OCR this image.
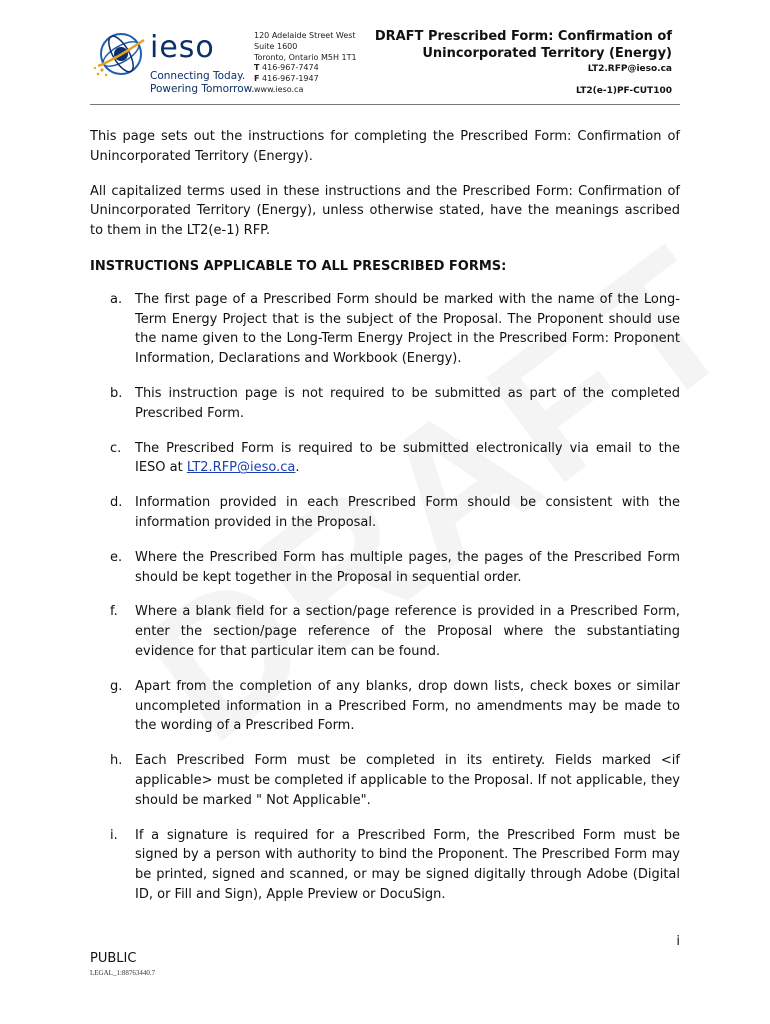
ieso
Connecting Today.
Powering Tomorrow.
120 Adelaide Street West
Suite 1600
Toronto, Ontario M5H 1T1
T 416-967-7474
F 416-967-1947
www.ieso.ca
DRAFT Prescribed Form: Confirmation of
Unincorporated Territory (Energy)
LT2.RFP@ieso.ca
LT2(e-1)PF-CUT100

This page sets out the instructions for completing the Prescribed Form: Confirmation of Unincorporated Territory (Energy).

All capitalized terms used in these instructions and the Prescribed Form: Confirmation of Unincorporated Territory (Energy), unless otherwise stated, have the meanings ascribed to them in the LT2(e-1) RFP.

INSTRUCTIONS APPLICABLE TO ALL PRESCRIBED FORMS:
a. The first page of a Prescribed Form should be marked with the name of the Long-Term Energy Project that is the subject of the Proposal. The Proponent should use the name given to the Long-Term Energy Project in the Prescribed Form: Proponent Information, Declarations and Workbook (Energy).
b. This instruction page is not required to be submitted as part of the completed Prescribed Form.
c.	The Prescribed Form is required to be submitted electronically via email to the IESO at LT2.RFP@ieso.ca.
d. Information provided in each Prescribed Form should be consistent with the information provided in the Proposal.
e. Where the Prescribed Form has multiple pages, the pages of the Prescribed Form should be kept together in the Proposal in sequential order.
f.	Where a blank field for a section/page reference is provided in a Prescribed Form, enter the section/page reference of the Proposal where the substantiating evidence for that particular item can be found.
g. Apart from the completion of any blanks, drop down lists, check boxes or similar uncompleted information in a Prescribed Form, no amendments may be made to the wording of a Prescribed Form.
h. Each Prescribed Form must be completed in its entirety. Fields marked <if applicable> must be completed if applicable to the Proposal. If not applicable, they should be marked " Not Applicable".
i.	If a signature is required for a Prescribed Form, the Prescribed Form must be signed by a person with authority to bind the Proponent. The Prescribed Form may be printed, signed and scanned, or may be signed digitally through Adobe (Digital ID, or Fill and Sign), Apple Preview or DocuSign.
i
PUBLIC
LEGAL_1:88763440.7
